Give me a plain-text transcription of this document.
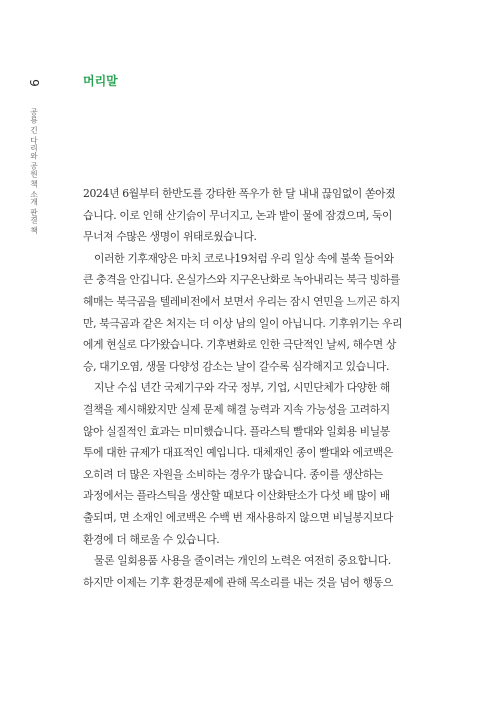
9
공룡 긴 다리와 공원 책 소개 판결 책
머리말
2024년 6월부터 한반도를 강타한 폭우가 한 달 내내 끊임없이 쏟아졌
습니다. 이로 인해 산기슭이 무너지고, 논과 밭이 물에 잠겼으며, 둑이
무너져 수많은 생명이 위태로웠습니다.
이러한 기후재앙은 마치 코로나19처럼 우리 일상 속에 불쑥 들어와
큰 충격을 안깁니다. 온실가스와 지구온난화로 녹아내리는 북극 빙하를
헤매는 북극곰을 텔레비전에서 보면서 우리는 잠시 연민을 느끼곤 하지
만, 북극곰과 같은 처지는 더 이상 남의 일이 아닙니다. 기후위기는 우리
에게 현실로 다가왔습니다. 기후변화로 인한 극단적인 날씨, 해수면 상
승, 대기오염, 생물 다양성 감소는 날이 갈수록 심각해지고 있습니다.
지난 수십 년간 국제기구와 각국 정부, 기업, 시민단체가 다양한 해
결책을 제시해왔지만 실제 문제 해결 능력과 지속 가능성을 고려하지
않아 실질적인 효과는 미미했습니다. 플라스틱 빨대와 일회용 비닐봉
투에 대한 규제가 대표적인 예입니다. 대체재인 종이 빨대와 에코백은
오히려 더 많은 자원을 소비하는 경우가 많습니다. 종이를 생산하는
과정에서는 플라스틱을 생산할 때보다 이산화탄소가 다섯 배 많이 배
출되며, 면 소재인 에코백은 수백 번 재사용하지 않으면 비닐봉지보다
환경에 더 해로울 수 있습니다.
물론 일회용품 사용을 줄이려는 개인의 노력은 여전히 중요합니다.
하지만 이제는 기후 환경문제에 관해 목소리를 내는 것을 넘어 행동으
